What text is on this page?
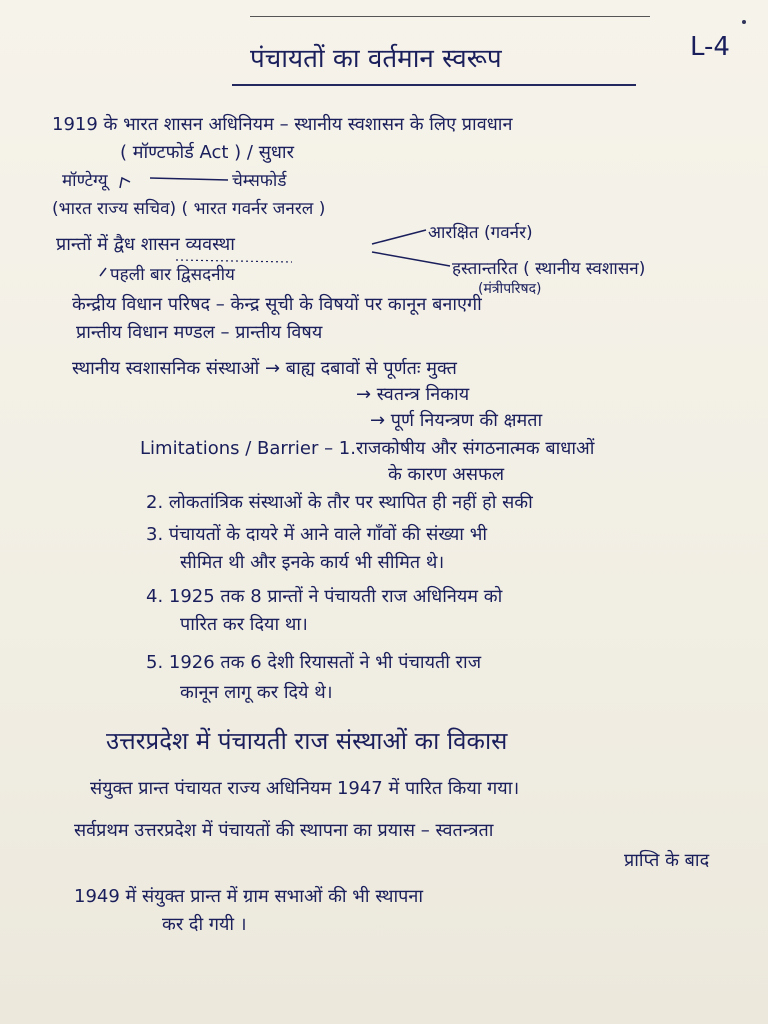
पंचायतों का वर्तमान स्वरूप	L-4
1919 के भारत शासन अधिनियम – स्थानीय स्वशासन के लिए प्रावधान
( मॉण्टफोर्ड Act ) / सुधार
मॉण्टेग्यू	चेम्सफोर्ड
(भारत राज्य सचिव) ( भारत गवर्नर जनरल )
प्रान्तों में द्वैध शासन व्यवस्था
आरक्षित (गवर्नर)
पहली बार द्विसदनीय	हस्तान्तरित ( स्थानीय स्वशासन)
(मंत्रीपरिषद)
केन्द्रीय विधान परिषद – केन्द्र सूची के विषयों पर कानून बनाएगी
प्रान्तीय विधान मण्डल – प्रान्तीय विषय
स्थानीय स्वशासनिक संस्थाओं → बाह्य दबावों से पूर्णतः मुक्त
→ स्वतन्त्र निकाय
→ पूर्ण नियन्त्रण की क्षमता
Limitations / Barrier – 1.राजकोषीय और संगठनात्मक बाधाओं
के कारण असफल
2. लोकतांत्रिक संस्थाओं के तौर पर स्थापित ही नहीं हो सकी
3. पंचायतों के दायरे में आने वाले गाँवों की संख्या भी
सीमित थी और इनके कार्य भी सीमित थे।
4. 1925 तक 8 प्रान्तों ने पंचायती राज अधिनियम को
पारित कर दिया था।
5. 1926 तक 6 देशी रियासतों ने भी पंचायती राज
कानून लागू कर दिये थे।
उत्तरप्रदेश में पंचायती राज संस्थाओं का विकास
संयुक्त प्रान्त पंचायत राज्य अधिनियम 1947 में पारित किया गया।
सर्वप्रथम उत्तरप्रदेश में पंचायतों की स्थापना का प्रयास – स्वतन्त्रता
प्राप्ति के बाद
1949 में संयुक्त प्रान्त में ग्राम सभाओं की भी स्थापना
कर दी गयी ।
